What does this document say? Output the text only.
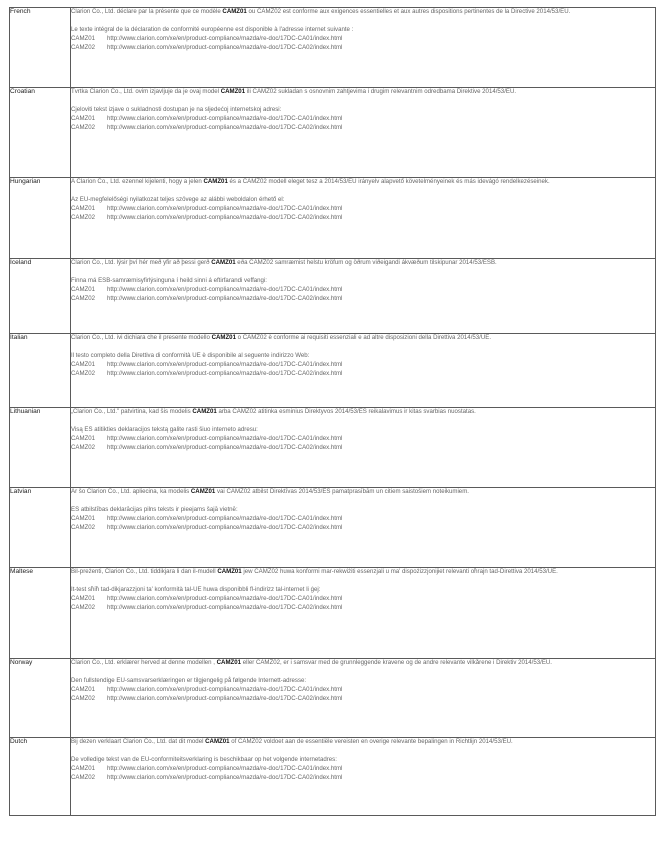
French	Clarion Co., Ltd. déclare par la présente que ce modèle CAMZ01 ou CAMZ02 est conforme aux exigences essentielles et aux autres dispositions pertinentes de la Directive 2014/53/EU.

Le texte intégral de la déclaration de conformité européenne est disponible à l'adresse internet suivante :

CAMZ01 http://www.clarion.com/xe/en/product-compliance/mazda/re-doc/17DC-CA01/index.html
CAMZ02 http://www.clarion.com/xe/en/product-compliance/mazda/re-doc/17DC-CA02/index.html

Croatian	Tvrtka Clarion Co., Ltd. ovim izjavljuje da je ovaj model CAMZ01 ili CAMZ02 sukladan s osnovnim zahtjevima i drugim relevantnim odredbama Direktive 2014/53/EU.

Cjeloviti tekst izjave o sukladnosti dostupan je na sljedećoj internetskoj adresi:

CAMZ01 http://www.clarion.com/xe/en/product-compliance/mazda/re-doc/17DC-CA01/index.html
CAMZ02 http://www.clarion.com/xe/en/product-compliance/mazda/re-doc/17DC-CA02/index.html

Hungarian	A Clarion Co., Ltd. ezennel kijelenti, hogy a jelen CAMZ01 és a CAMZ02 modell eleget tesz a 2014/53/EU irányelv alapvető követelményeinek és más idevágó rendelkezéseinek.

Az EU-megfelelőségi nyilatkozat teljes szövege az alábbi weboldalon érhető el:

CAMZ01 http://www.clarion.com/xe/en/product-compliance/mazda/re-doc/17DC-CA01/index.html
CAMZ02 http://www.clarion.com/xe/en/product-compliance/mazda/re-doc/17DC-CA02/index.html

Iceland	Clarion Co., Ltd. lýsir því hér með yfir að þessi gerð CAMZ01 eða CAMZ02 samræmist helstu kröfum og öðrum viðeigandi ákvæðum tilskipunar 2014/53/ESB.

Finna má ESB-samræmisyfirlýsinguna í heild sinni á eftirfarandi veffangi:

CAMZ01 http://www.clarion.com/xe/en/product-compliance/mazda/re-doc/17DC-CA01/index.html
CAMZ02 http://www.clarion.com/xe/en/product-compliance/mazda/re-doc/17DC-CA02/index.html

Italian	Clarion Co., Ltd. ivi dichiara che il presente modello CAMZ01 o CAMZ02 è conforme ai requisiti essenziali e ad altre disposizioni della Direttiva 2014/53/UE.

Il testo completo della Direttiva di conformità UE è disponibile al seguente indirizzo Web:

CAMZ01 http://www.clarion.com/xe/en/product-compliance/mazda/re-doc/17DC-CA01/index.html
CAMZ02 http://www.clarion.com/xe/en/product-compliance/mazda/re-doc/17DC-CA02/index.html

Lithuanian	„Clarion Co., Ltd." patvirtina, kad šis modelis CAMZ01 arba CAMZ02 atitinka esminius Direktyvos 2014/53/ES reikalavimus ir kitas svarbias nuostatas.

Visą ES atitikties deklaracijos tekstą galite rasti šiuo interneto adresu:

CAMZ01 http://www.clarion.com/xe/en/product-compliance/mazda/re-doc/17DC-CA01/index.html
CAMZ02 http://www.clarion.com/xe/en/product-compliance/mazda/re-doc/17DC-CA02/index.html

Latvian	Ar šo Clarion Co., Ltd. apliecina, ka modelis CAMZ01 vai CAMZ02 atbilst Direktīvas 2014/53/ES pamatprasībām un citiem saistošiem noteikumiem.

ES atbilstības deklarācijas pilns teksts ir pieejams šajā vietnē:

CAMZ01 http://www.clarion.com/xe/en/product-compliance/mazda/re-doc/17DC-CA01/index.html
CAMZ02 http://www.clarion.com/xe/en/product-compliance/mazda/re-doc/17DC-CA02/index.html

Maltese	Bil-preżenti, Clarion Co., Ltd. tiddikjara li dan il-mudell CAMZ01 jew CAMZ02 huwa konformi mar-rekwiżiti essenzjali u ma' dispożizzjonijiet relevanti oħrajn tad-Direttiva 2014/53/UE.

It-test sħiħ tad-dikjarazzjoni ta' konformità tal-UE huwa disponibbli fl-indirizz tal-internet li ġej:

CAMZ01 http://www.clarion.com/xe/en/product-compliance/mazda/re-doc/17DC-CA01/index.html
CAMZ02 http://www.clarion.com/xe/en/product-compliance/mazda/re-doc/17DC-CA02/index.html

Norway	Clarion Co., Ltd. erklærer herved at denne modellen , CAMZ01 eller CAMZ02, er i samsvar med de grunnleggende kravene og de andre relevante vilkårene i Direktiv 2014/53/EU.

Den fullstendige EU-samsvarserklæringen er tilgjengelig på følgende Internett-adresse:

CAMZ01 http://www.clarion.com/xe/en/product-compliance/mazda/re-doc/17DC-CA01/index.html
CAMZ02 http://www.clarion.com/xe/en/product-compliance/mazda/re-doc/17DC-CA02/index.html

Dutch	Bij dezen verklaart Clarion Co., Ltd. dat dit model CAMZ01 of CAMZ02 voldoet aan de essentiële vereisten en overige relevante bepalingen in Richtlijn 2014/53/EU.

De volledige tekst van de EU-conformiteitsverklaring is beschikbaar op het volgende internetadres:

CAMZ01 http://www.clarion.com/xe/en/product-compliance/mazda/re-doc/17DC-CA01/index.html
CAMZ02 http://www.clarion.com/xe/en/product-compliance/mazda/re-doc/17DC-CA02/index.html
